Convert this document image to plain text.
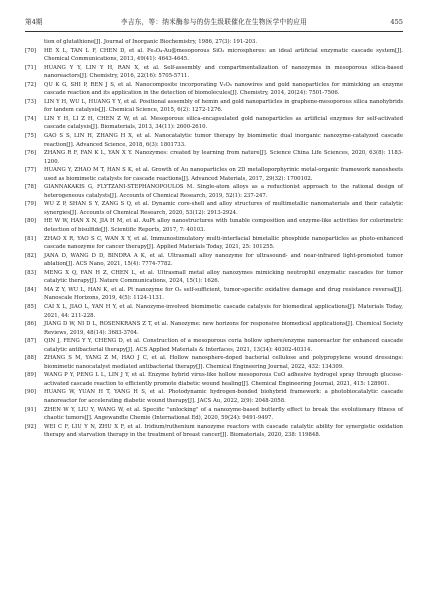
第4期	李吉东，等：纳米酶参与的仿生级联催化在生物医学中的应用	455

tion of glutathione[J]. Journal of Inorganic Biochemistry, 1986, 27(3): 191-203.

[70] HE X L, TAN L F, CHEN D, et al. Fe₃O₄-Au@mesoporous SiO₂ microspheres: an ideal artificial enzymatic cascade system[J]. Chemical Communications, 2013, 49(41): 4643-4645.

[71] HUANG Y Y, LIN Y H, RAN X, et al. Self-assembly and compartmentalization of nanozymes in mesoporous silica-based nanoreactors[J]. Chemistry, 2016, 22(16): 5705-5711.

[72] QU K G, SHI P, REN J S, et al. Nanocomposite incorporating V₂O₅ nanowires and gold nanoparticles for mimicking an enzyme cascade reaction and its application in the detection of biomolecules[J]. Chemistry, 2014, 20(24): 7501-7506.

[73] LIN Y H, WU L, HUANG Y Y, et al. Positional assembly of hemin and gold nanoparticles in graphene-mesoporous silica nanohybrids for tandem catalysis[J]. Chemical Science, 2015, 6(2): 1272-1276.

[74] LIN Y H, LI Z H, CHEN Z W, et al. Mesoporous silica-encapsulated gold nanoparticles as artificial enzymes for self-activated cascade catalysis[J]. Biomaterials, 2013, 34(11): 2600-2610.

[75] GAO S S, LIN H, ZHANG H X, et al. Nanocatalytic tumor therapy by biomimetic dual inorganic nanozyme-catalyzed cascade reaction[J]. Advanced Science, 2018, 6(3): 1801733.

[76] ZHANG R F, FAN K L, YAN X Y. Nanozymes: created by learning from nature[J]. Science China Life Sciences, 2020, 63(8): 1183-1200.

[77] HUANG Y, ZHAO M T, HAN S K, et al. Growth of Au nanoparticles on 2D metalloporphyrinic metal-organic framework nanosheets used as biomimetic catalysts for cascade reactions[J]. Advanced Materials, 2017, 29(32): 1700102.

[78] GIANNAKAKIS G, FLYTZANI-STEPHANOPOULOS M. Single-atom alloys as a reductionist approach to the rational design of heterogeneous catalysts[J]. Accounts of Chemical Research, 2019, 52(1): 237-247.

[79] WU Z P, SHAN S Y, ZANG S Q, et al. Dynamic core-shell and alloy structures of multimetallic nanomaterials and their catalytic synergies[J]. Accounts of Chemical Research, 2020, 53(12): 2913-2924.

[80] HE W W, HAN X N, JIA H M, et al. AuPt alloy nanostructures with tunable composition and enzyme-like activities for colorimetric detection of bisulfide[J]. Scientific Reports, 2017, 7: 40103.

[81] ZHAO X R, YAO S C, WAN X Y, et al. Immunostimulatory multi-interfacial bimetallic phosphide nanoparticles as photo-enhanced cascade nanozyme for cancer therapy[J]. Applied Materials Today, 2021, 25: 101255.

[82] JANA D, WANG D D, BINDRA A K, et al. Ultrasmall alloy nanozyme for ultrasound- and near-infrared light-promoted tumor ablation[J]. ACS Nano, 2021, 15(4): 7774-7782.

[83] MENG X Q, FAN H Z, CHEN L, et al. Ultrasmall metal alloy nanozymes mimicking neutrophil enzymatic cascades for tumor catalytic therapy[J]. Nature Communications, 2024, 15(1): 1626.

[84] MA Z Y, WU L, HAN K, et al. Pt nanozyme for O₂ self-sufficient, tumor-specific oxidative damage and drug resistance reversal[J]. Nanoscale Horizons, 2019, 4(5): 1124-1131.

[85] CAI X L, JIAO L, YAN H Y, et al. Nanozyme-involved biomimetic cascade catalysis for biomedical applications[J]. Materials Today, 2021, 44: 211-228.

[86] JIANG D W, NI D L, ROSENKRANS Z T, et al. Nanozyme: new horizons for responsive biomedical applications[J]. Chemical Society Reviews, 2019, 48(14): 3683-3704.

[87] QIN J, FENG Y Y, CHENG D, et al. Construction of a mesoporous ceria hollow sphere/enzyme nanoreactor for enhanced cascade catalytic antibacterial therapy[J]. ACS Applied Materials & Interfaces, 2021, 13(34): 40302-40314.

[88] ZHANG S M, YANG Z M, HAO J C, et al. Hollow nanosphere-doped bacterial cellulose and polypropylene wound dressings: biomimetic nanocatalyst mediated antibacterial therapy[J]. Chemical Engineering Journal, 2022, 432: 134309.

[89] WANG P Y, PENG L L, LIN J Y, et al. Enzyme hybrid virus-like hollow mesoporous CuO adhesive hydrogel spray through glucose-activated cascade reaction to efficiently promote diabetic wound healing[J]. Chemical Engineering Journal, 2021, 415: 128901.

[90] HUANG W, YUAN H T, YANG H S, et al. Photodynamic hydrogen-bonded biohybrid framework: a photobiocatalytic cascade nanoreactor for accelerating diabetic wound therapy[J]. JACS Au, 2022, 2(9): 2048-2058.

[91] ZHEN W Y, LIU Y, WANG W, et al. Specific "unlocking" of a nanozyme-based butterfly effect to break the evolutionary fitness of chaotic tumors[J]. Angewandte Chemie (International Ed), 2020, 59(24): 9491-9497.

[92] WEI C F, LIU Y N, ZHU X F, et al. Iridium/ruthenium nanozyme reactors with cascade catalytic ability for synergistic oxidation therapy and starvation therapy in the treatment of breast cancer[J]. Biomaterials, 2020, 238: 119848.
